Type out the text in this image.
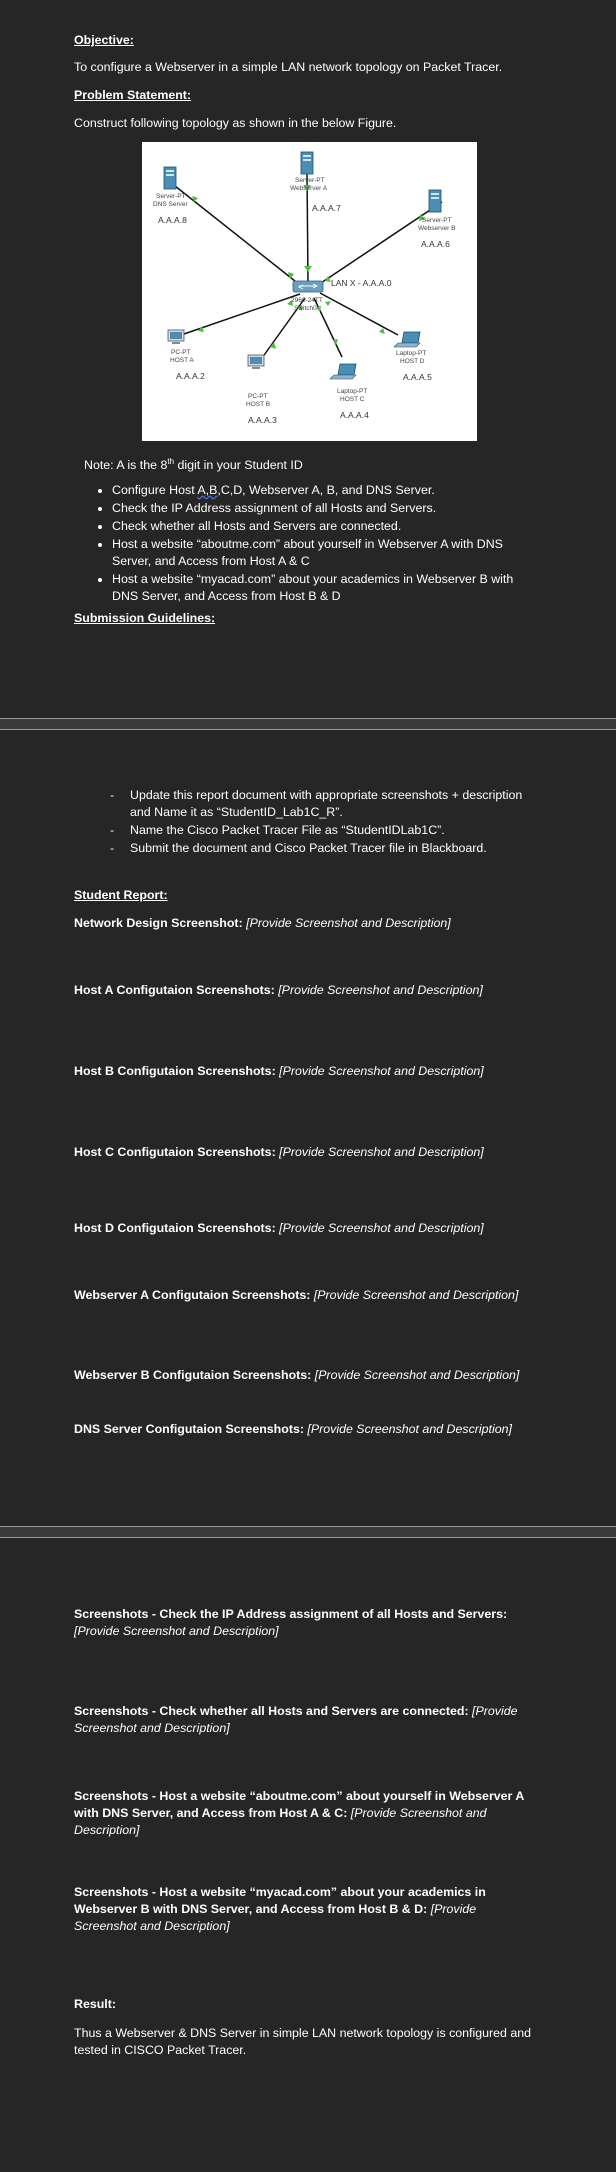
Objective:
To configure a Webserver in a simple LAN network topology on Packet Tracer.
Problem Statement:
Construct following topology as shown in the below Figure.
Server-PT
DNS Server
A.A.A.8
Server-PT
Webserver A
A.A.A.7
Server-PT
Webserver B
A.A.A.6
2960-24TT
Switch0
LAN X - A.A.A.0
PC-PT
HOST A
A.A.A.2
PC-PT
HOST B
A.A.A.3
Laptop-PT
HOST C
A.A.A.4
Laptop-PT
HOST D
A.A.A.5
Note: A is the 8th digit in your Student ID
• Configure Host A,B,C,D, Webserver A, B, and DNS Server.
• Check the IP Address assignment of all Hosts and Servers.
• Check whether all Hosts and Servers are connected.
• Host a website “aboutme.com” about yourself in Webserver A with DNS Server, and Access from Host A & C
• Host a website “myacad.com” about your academics in Webserver B with DNS Server, and Access from Host B & D
Submission Guidelines:
- Update this report document with appropriate screenshots + description and Name it as “StudentID_Lab1C_R”.
- Name the Cisco Packet Tracer File as “StudentIDLab1C”.
- Submit the document and Cisco Packet Tracer file in Blackboard.
Student Report:
Network Design Screenshot: [Provide Screenshot and Description]
Host A Configutaion Screenshots: [Provide Screenshot and Description]
Host B Configutaion Screenshots: [Provide Screenshot and Description]
Host C Configutaion Screenshots: [Provide Screenshot and Description]
Host D Configutaion Screenshots: [Provide Screenshot and Description]
Webserver A Configutaion Screenshots: [Provide Screenshot and Description]
Webserver B Configutaion Screenshots: [Provide Screenshot and Description]
DNS Server Configutaion Screenshots: [Provide Screenshot and Description]
Screenshots - Check the IP Address assignment of all Hosts and Servers:
[Provide Screenshot and Description]
Screenshots - Check whether all Hosts and Servers are connected: [Provide
Screenshot and Description]
Screenshots - Host a website “aboutme.com” about yourself in Webserver A
with DNS Server, and Access from Host A & C: [Provide Screenshot and
Description]
Screenshots - Host a website “myacad.com” about your academics in
Webserver B with DNS Server, and Access from Host B & D: [Provide
Screenshot and Description]
Result:
Thus a Webserver & DNS Server in simple LAN network topology is configured and
tested in CISCO Packet Tracer.
